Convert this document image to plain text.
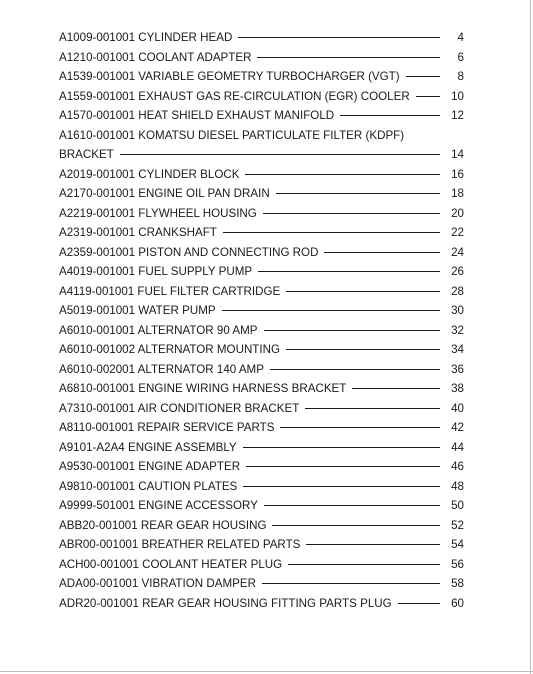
A1009-001001 CYLINDER HEAD	4
A1210-001001 COOLANT ADAPTER	6
A1539-001001 VARIABLE GEOMETRY TURBOCHARGER (VGT)	8
A1559-001001 EXHAUST GAS RE-CIRCULATION (EGR) COOLER	10
A1570-001001 HEAT SHIELD EXHAUST MANIFOLD	12
A1610-001001 KOMATSU DIESEL PARTICULATE FILTER (KDPF)
BRACKET	14
A2019-001001 CYLINDER BLOCK	16
A2170-001001 ENGINE OIL PAN DRAIN	18
A2219-001001 FLYWHEEL HOUSING	20
A2319-001001 CRANKSHAFT	22
A2359-001001 PISTON AND CONNECTING ROD	24
A4019-001001 FUEL SUPPLY PUMP	26
A4119-001001 FUEL FILTER CARTRIDGE	28
A5019-001001 WATER PUMP	30
A6010-001001 ALTERNATOR 90 AMP	32
A6010-001002 ALTERNATOR MOUNTING	34
A6010-002001 ALTERNATOR 140 AMP	36
A6810-001001 ENGINE WIRING HARNESS BRACKET	38
A7310-001001 AIR CONDITIONER BRACKET	40
A8110-001001 REPAIR SERVICE PARTS	42
A9101-A2A4 ENGINE ASSEMBLY	44
A9530-001001 ENGINE ADAPTER	46
A9810-001001 CAUTION PLATES	48
A9999-501001 ENGINE ACCESSORY	50
ABB20-001001 REAR GEAR HOUSING	52
ABR00-001001 BREATHER RELATED PARTS	54
ACH00-001001 COOLANT HEATER PLUG	56
ADA00-001001 VIBRATION DAMPER	58
ADR20-001001 REAR GEAR HOUSING FITTING PARTS PLUG	60
